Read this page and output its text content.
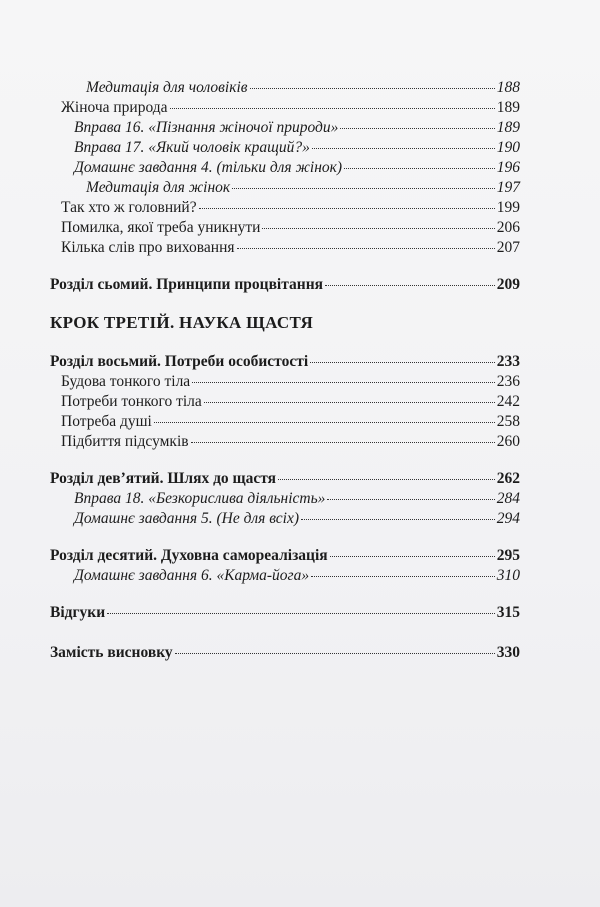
Медитація для чоловіків	188
Жіноча природа	189
Вправа 16. «Пізнання жіночої природи»	189
Вправа 17. «Який чоловік кращий?»	190
Домашнє завдання 4. (тільки для жінок)	196
Медитація для жінок	197
Так хто ж головний?	199
Помилка, якої треба уникнути	206
Кілька слів про виховання	207
Розділ сьомий. Принципи процвітання	209
КРОК ТРЕТІЙ. НАУКА ЩАСТЯ
Розділ восьмий. Потреби особистості	233
Будова тонкого тіла	236
Потреби тонкого тіла	242
Потреба душі	258
Підбиття підсумків	260
Розділ дев’ятий. Шлях до щастя	262
Вправа 18. «Безкорислива діяльність»	284
Домашнє завдання 5. (Не для всіх)	294
Розділ десятий. Духовна самореалізація	295
Домашнє завдання 6. «Карма-йога»	310
Відгуки	315
Замість висновку	330
